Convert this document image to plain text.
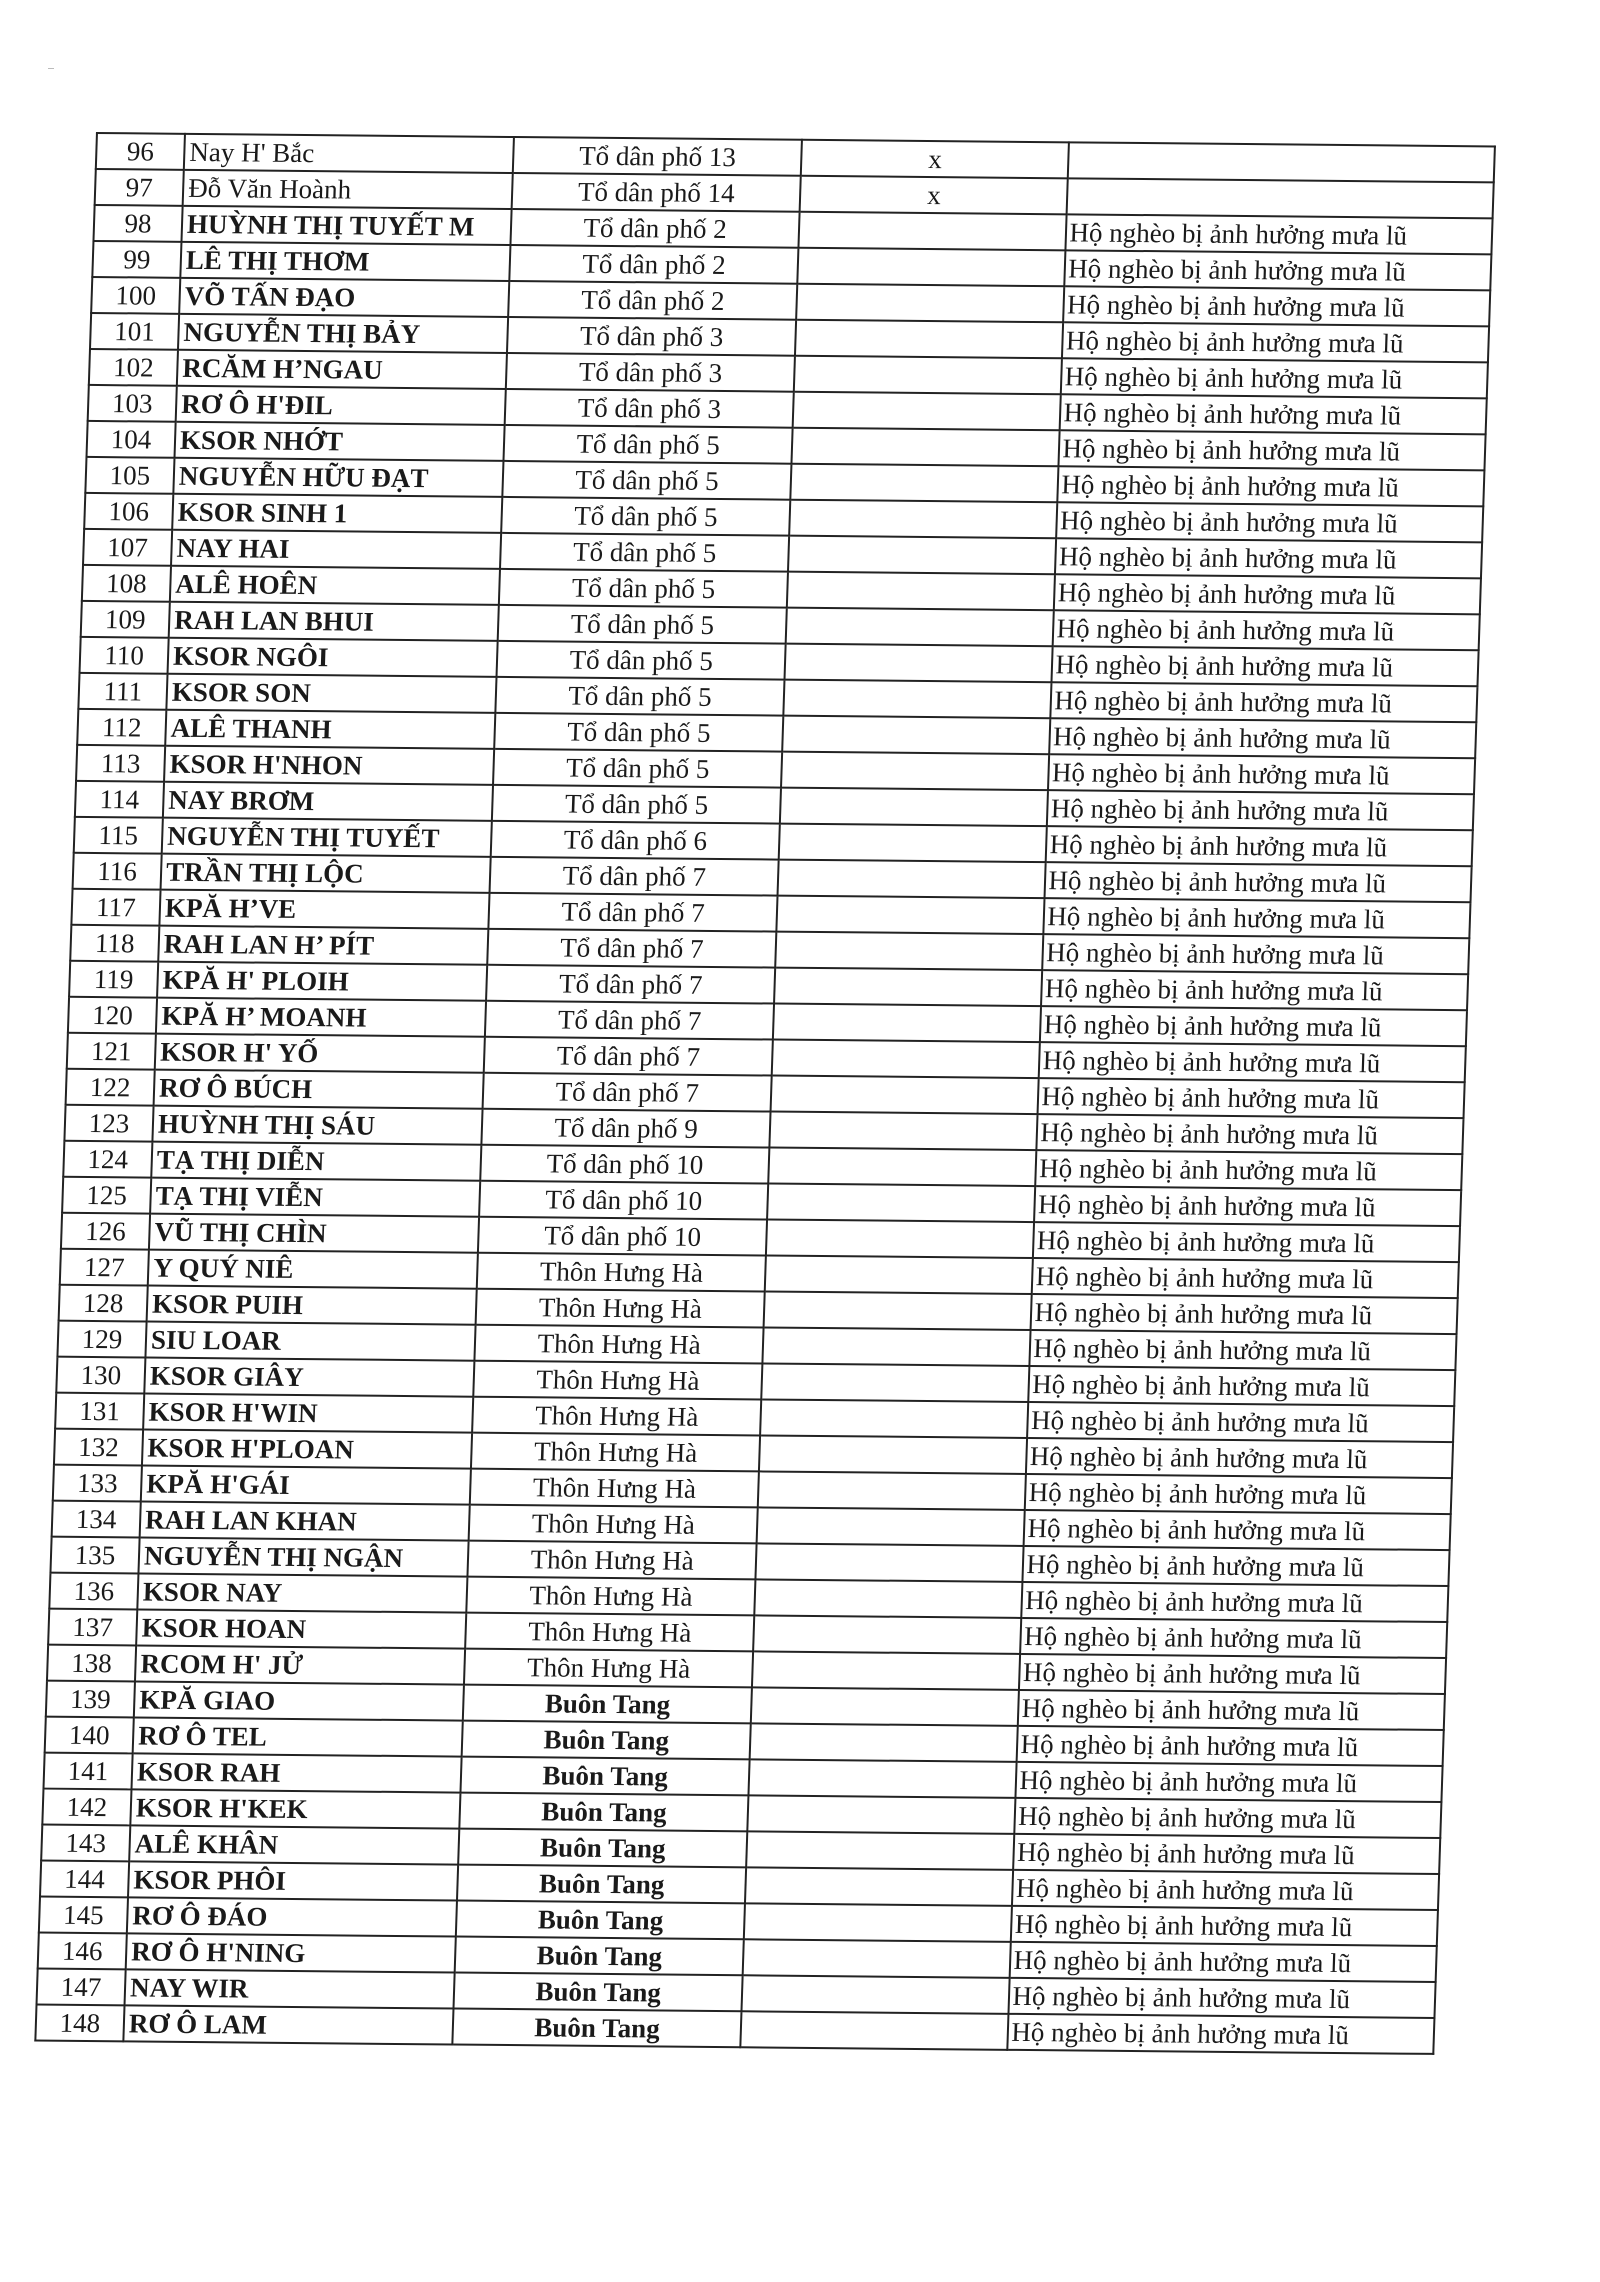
96	Nay H' Bắc	Tổ dân phố 13	x	
97	Đỗ Văn Hoành	Tổ dân phố 14	x	
98	HUỲNH THỊ TUYẾT M	Tổ dân phố 2		Hộ nghèo bị ảnh hưởng mưa lũ
99	LÊ THỊ THƠM	Tổ dân phố 2		Hộ nghèo bị ảnh hưởng mưa lũ
100	VÕ TẤN ĐẠO	Tổ dân phố 2		Hộ nghèo bị ảnh hưởng mưa lũ
101	NGUYỄN THỊ BẢY	Tổ dân phố 3		Hộ nghèo bị ảnh hưởng mưa lũ
102	RCĂM H’NGAU	Tổ dân phố 3		Hộ nghèo bị ảnh hưởng mưa lũ
103	RƠ Ô H'ĐIL	Tổ dân phố 3		Hộ nghèo bị ảnh hưởng mưa lũ
104	KSOR NHỚT	Tổ dân phố 5		Hộ nghèo bị ảnh hưởng mưa lũ
105	NGUYỄN HỮU ĐẠT	Tổ dân phố 5		Hộ nghèo bị ảnh hưởng mưa lũ
106	KSOR SINH 1	Tổ dân phố 5		Hộ nghèo bị ảnh hưởng mưa lũ
107	NAY HAI	Tổ dân phố 5		Hộ nghèo bị ảnh hưởng mưa lũ
108	ALÊ HOÊN	Tổ dân phố 5		Hộ nghèo bị ảnh hưởng mưa lũ
109	RAH LAN BHUI	Tổ dân phố 5		Hộ nghèo bị ảnh hưởng mưa lũ
110	KSOR NGÔI	Tổ dân phố 5		Hộ nghèo bị ảnh hưởng mưa lũ
111	KSOR SON	Tổ dân phố 5		Hộ nghèo bị ảnh hưởng mưa lũ
112	ALÊ THANH	Tổ dân phố 5		Hộ nghèo bị ảnh hưởng mưa lũ
113	KSOR H'NHON	Tổ dân phố 5		Hộ nghèo bị ảnh hưởng mưa lũ
114	NAY BRƠM	Tổ dân phố 5		Hộ nghèo bị ảnh hưởng mưa lũ
115	NGUYỄN THỊ TUYẾT	Tổ dân phố 6		Hộ nghèo bị ảnh hưởng mưa lũ
116	TRẦN THỊ LỘC	Tổ dân phố 7		Hộ nghèo bị ảnh hưởng mưa lũ
117	KPĂ H’VE	Tổ dân phố 7		Hộ nghèo bị ảnh hưởng mưa lũ
118	RAH LAN H’ PÍT	Tổ dân phố 7		Hộ nghèo bị ảnh hưởng mưa lũ
119	KPĂ H' PLOIH	Tổ dân phố 7		Hộ nghèo bị ảnh hưởng mưa lũ
120	KPĂ H’ MOANH	Tổ dân phố 7		Hộ nghèo bị ảnh hưởng mưa lũ
121	KSOR H' YỐ	Tổ dân phố 7		Hộ nghèo bị ảnh hưởng mưa lũ
122	RƠ Ô BÚCH	Tổ dân phố 7		Hộ nghèo bị ảnh hưởng mưa lũ
123	HUỲNH THỊ SÁU	Tổ dân phố 9		Hộ nghèo bị ảnh hưởng mưa lũ
124	TẠ THỊ DIỄN	Tổ dân phố 10		Hộ nghèo bị ảnh hưởng mưa lũ
125	TẠ THỊ VIỄN	Tổ dân phố 10		Hộ nghèo bị ảnh hưởng mưa lũ
126	VŨ THỊ CHÌN	Tổ dân phố 10		Hộ nghèo bị ảnh hưởng mưa lũ
127	Y QUÝ NIÊ	Thôn Hưng Hà		Hộ nghèo bị ảnh hưởng mưa lũ
128	KSOR PUIH	Thôn Hưng Hà		Hộ nghèo bị ảnh hưởng mưa lũ
129	SIU LOAR	Thôn Hưng Hà		Hộ nghèo bị ảnh hưởng mưa lũ
130	KSOR GIÂY	Thôn Hưng Hà		Hộ nghèo bị ảnh hưởng mưa lũ
131	KSOR H'WIN	Thôn Hưng Hà		Hộ nghèo bị ảnh hưởng mưa lũ
132	KSOR H'PLOAN	Thôn Hưng Hà		Hộ nghèo bị ảnh hưởng mưa lũ
133	KPĂ H'GÁI	Thôn Hưng Hà		Hộ nghèo bị ảnh hưởng mưa lũ
134	RAH LAN KHAN	Thôn Hưng Hà		Hộ nghèo bị ảnh hưởng mưa lũ
135	NGUYỄN THỊ NGẬN	Thôn Hưng Hà		Hộ nghèo bị ảnh hưởng mưa lũ
136	KSOR NAY	Thôn Hưng Hà		Hộ nghèo bị ảnh hưởng mưa lũ
137	KSOR HOAN	Thôn Hưng Hà		Hộ nghèo bị ảnh hưởng mưa lũ
138	RCOM H' JỬ	Thôn Hưng Hà		Hộ nghèo bị ảnh hưởng mưa lũ
139	KPĂ GIAO	Buôn Tang		Hộ nghèo bị ảnh hưởng mưa lũ
140	RƠ Ô TEL	Buôn Tang		Hộ nghèo bị ảnh hưởng mưa lũ
141	KSOR RAH	Buôn Tang		Hộ nghèo bị ảnh hưởng mưa lũ
142	KSOR H'KEK	Buôn Tang		Hộ nghèo bị ảnh hưởng mưa lũ
143	ALÊ KHÂN	Buôn Tang		Hộ nghèo bị ảnh hưởng mưa lũ
144	KSOR PHÔI	Buôn Tang		Hộ nghèo bị ảnh hưởng mưa lũ
145	RƠ Ô ĐÁO	Buôn Tang		Hộ nghèo bị ảnh hưởng mưa lũ
146	RƠ Ô H'NING	Buôn Tang		Hộ nghèo bị ảnh hưởng mưa lũ
147	NAY WIR	Buôn Tang		Hộ nghèo bị ảnh hưởng mưa lũ
148	RƠ Ô LAM	Buôn Tang		Hộ nghèo bị ảnh hưởng mưa lũ
